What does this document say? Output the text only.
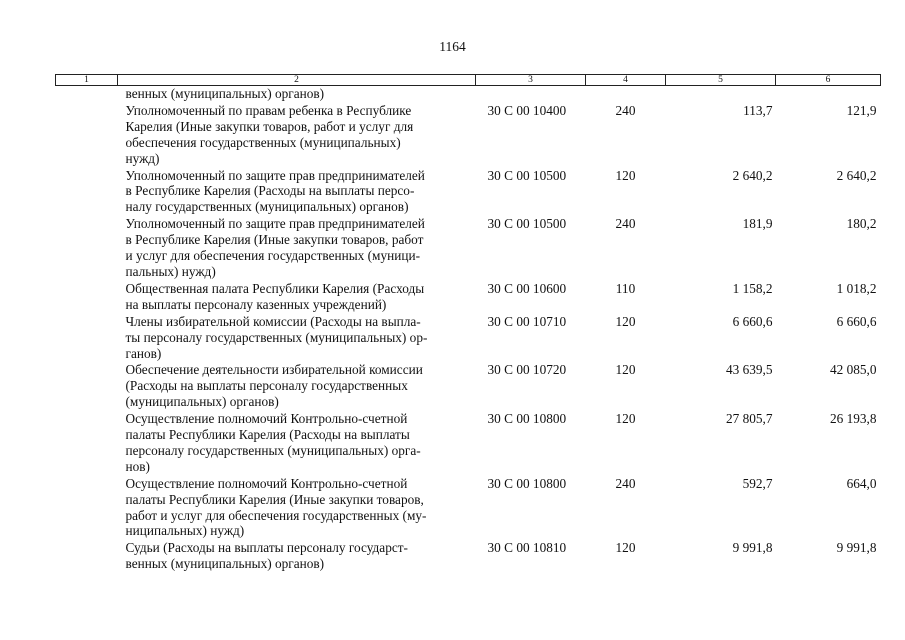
1164
1	2	3	4	5	6

	венных (муниципальных) органов)				

	Уполномоченный по правам ребенка в Республике
Карелия (Иные закупки товаров, работ и услуг для
обеспечения государственных (муниципальных)
нужд)	30 С 00 10400	240	113,7	121,9

	Уполномоченный по защите прав предпринимателей
в Республике Карелия (Расходы на выплаты персо-
налу государственных (муниципальных) органов)	30 С 00 10500	120	2 640,2	2 640,2

	Уполномоченный по защите прав предпринимателей
в Республике Карелия (Иные закупки товаров, работ
и услуг для обеспечения государственных (муници-
пальных) нужд)	30 С 00 10500	240	181,9	180,2

	Общественная палата Республики Карелия (Расходы
на выплаты персоналу казенных учреждений)	30 С 00 10600	110	1 158,2	1 018,2

	Члены избирательной комиссии (Расходы на выпла-
ты персоналу государственных (муниципальных) ор-
ганов)	30 С 00 10710	120	6 660,6	6 660,6

	Обеспечение деятельности избирательной комиссии
(Расходы на выплаты персоналу государственных
(муниципальных) органов)	30 С 00 10720	120	43 639,5	42 085,0

	Осуществление полномочий Контрольно-счетной
палаты Республики Карелия (Расходы на выплаты
персоналу государственных (муниципальных) орга-
нов)	30 С 00 10800	120	27 805,7	26 193,8

	Осуществление полномочий Контрольно-счетной
палаты Республики Карелия (Иные закупки товаров,
работ и услуг для обеспечения государственных (му-
ниципальных) нужд)	30 С 00 10800	240	592,7	664,0

	Судьи (Расходы на выплаты персоналу государст-
венных (муниципальных) органов)	30 С 00 10810	120	9 991,8	9 991,8
